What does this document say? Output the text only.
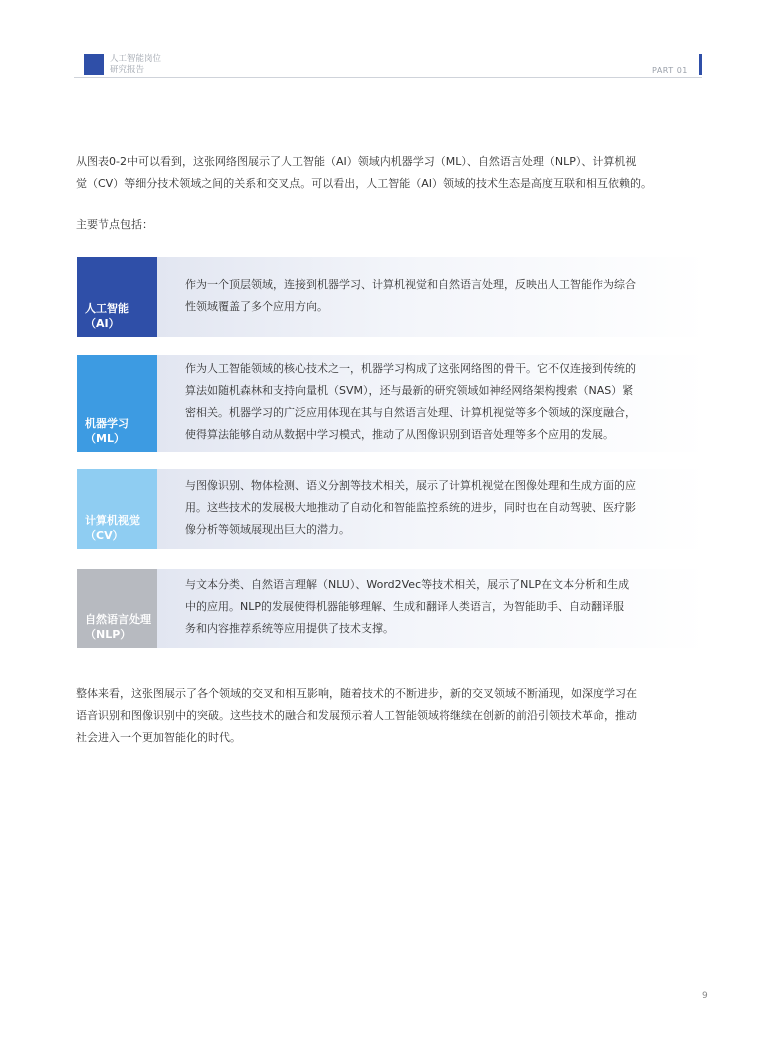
人工智能岗位
研究报告	PART 01
从图表0-2中可以看到，这张网络图展示了人工智能（AI）领域内机器学习（ML）、自然语言处理（NLP）、计算机视
觉（CV）等细分技术领域之间的关系和交叉点。可以看出，人工智能（AI）领域的技术生态是高度互联和相互依赖的。
主要节点包括：
人工智能
（AI）
作为一个顶层领域，连接到机器学习、计算机视觉和自然语言处理，反映出人工智能作为综合
性领域覆盖了多个应用方向。
机器学习
（ML）
作为人工智能领域的核心技术之一，机器学习构成了这张网络图的骨干。它不仅连接到传统的
算法如随机森林和支持向量机（SVM），还与最新的研究领域如神经网络架构搜索（NAS）紧
密相关。机器学习的广泛应用体现在其与自然语言处理、计算机视觉等多个领域的深度融合，
使得算法能够自动从数据中学习模式，推动了从图像识别到语音处理等多个应用的发展。
计算机视觉
（CV）
与图像识别、物体检测、语义分割等技术相关，展示了计算机视觉在图像处理和生成方面的应
用。这些技术的发展极大地推动了自动化和智能监控系统的进步，同时也在自动驾驶、医疗影
像分析等领域展现出巨大的潜力。
自然语言处理
（NLP）
与文本分类、自然语言理解（NLU）、Word2Vec等技术相关，展示了NLP在文本分析和生成
中的应用。NLP的发展使得机器能够理解、生成和翻译人类语言，为智能助手、自动翻译服
务和内容推荐系统等应用提供了技术支撑。
整体来看，这张图展示了各个领域的交叉和相互影响，随着技术的不断进步，新的交叉领域不断涌现，如深度学习在
语音识别和图像识别中的突破。这些技术的融合和发展预示着人工智能领域将继续在创新的前沿引领技术革命，推动
社会进入一个更加智能化的时代。
9
